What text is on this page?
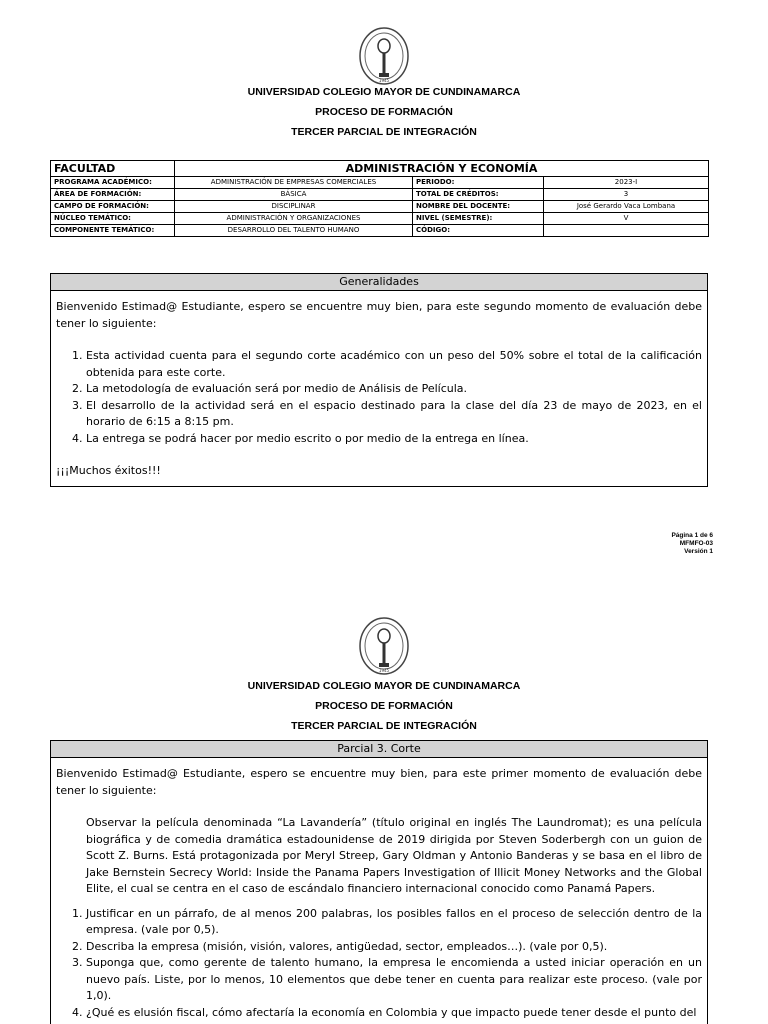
1945
UNIVERSIDAD COLEGIO MAYOR DE CUNDINAMARCA
PROCESO DE FORMACIÓN
TERCER PARCIAL DE INTEGRACIÓN
FACULTAD	ADMINISTRACIÓN Y ECONOMÍA		
PROGRAMA ACADÉMICO:	ADMINISTRACIÓN DE EMPRESAS COMERCIALES	PERIODO:	2023-I
ÁREA DE FORMACIÓN:	BÁSICA	TOTAL DE CRÉDITOS:	3
CAMPO DE FORMACIÓN:	DISCIPLINAR	NOMBRE DEL DOCENTE:	José Gerardo Vaca Lombana
NÚCLEO TEMÁTICO:	ADMINISTRACIÓN Y ORGANIZACIONES	NIVEL (SEMESTRE):	V
COMPONENTE TEMÁTICO:	DESARROLLO DEL TALENTO HUMANO	CÓDIGO:	
Generalidades

Bienvenido Estimad@ Estudiante, espero se encuentre muy bien, para este segundo momento de evaluación debe tener lo siguiente:

1. Esta actividad cuenta para el segundo corte académico con un peso del 50% sobre el total de la calificación obtenida para este corte.
2. La metodología de evaluación será por medio de Análisis de Película.
3. El desarrollo de la actividad será en el espacio destinado para la clase del día 23 de mayo de 2023, en el horario de 6:15 a 8:15 pm.
4. La entrega se podrá hacer por medio escrito o por medio de la entrega en línea.

¡¡¡Muchos éxitos!!!

Página 1 de 6
MFMFO-03
Versión 1
1945
UNIVERSIDAD COLEGIO MAYOR DE CUNDINAMARCA
PROCESO DE FORMACIÓN
TERCER PARCIAL DE INTEGRACIÓN
Parcial 3. Corte

Bienvenido Estimad@ Estudiante, espero se encuentre muy bien, para este primer momento de evaluación debe tener lo siguiente:

Observar la película denominada “La Lavandería” (título original en inglés The Laundromat); es una película biográfica y de comedia dramática estadounidense de 2019 dirigida por Steven Soderbergh con un guion de Scott Z. Burns. Está protagonizada por Meryl Streep, Gary Oldman y Antonio Banderas y se basa en el libro de Jake Bernstein Secrecy World: Inside the Panama Papers Investigation of Illicit Money Networks and the Global Elite, el cual se centra en el caso de escándalo financiero internacional conocido como Panamá Papers.

1. Justificar en un párrafo, de al menos 200 palabras, los posibles fallos en el proceso de selección dentro de la empresa. (vale por 0,5).
2. Describa la empresa (misión, visión, valores, antigüedad, sector, empleados…). (vale por 0,5).
3. Suponga que, como gerente de talento humano, la empresa le encomienda a usted iniciar operación en un nuevo país. Liste, por lo menos, 10 elementos que debe tener en cuenta para realizar este proceso. (vale por 1,0).
4. ¿Qué es elusión fiscal, cómo afectaría la economía en Colombia y que impacto puede tener desde el punto del
